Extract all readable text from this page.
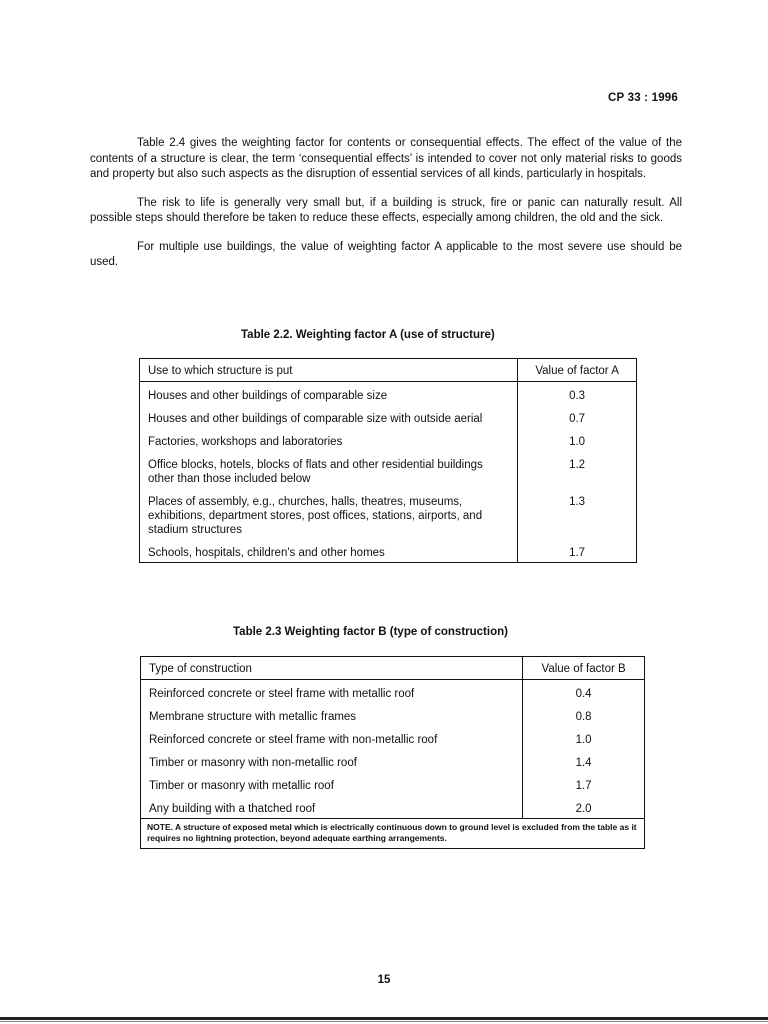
CP 33 : 1996

Table 2.4 gives the weighting factor for contents or consequential effects. The effect of the value of the contents of a structure is clear, the term ‘consequential effects’ is intended to cover not only material risks to goods and property but also such aspects as the disruption of essential services of all kinds, particularly in hospitals.

The risk to life is generally very small but, if a building is struck, fire or panic can naturally result. All possible steps should therefore be taken to reduce these effects, especially among children, the old and the sick.

For multiple use buildings, the value of weighting factor A applicable to the most severe use should be used.

Table 2.2. Weighting factor A (use of structure)
Use to which structure is put	Value of factor A
Houses and other buildings of comparable size	0.3
Houses and other buildings of comparable size with outside aerial	0.7
Factories, workshops and laboratories	1.0
Office blocks, hotels, blocks of flats and other residential buildings other than those included below	1.2
Places of assembly, e.g., churches, halls, theatres, museums, exhibitions, department stores, post offices, stations, airports, and stadium structures	1.3
Schools, hospitals, children's and other homes	1.7
Table 2.3 Weighting factor B (type of construction)
Type of construction	Value of factor B
Reinforced concrete or steel frame with metallic roof	0.4
Membrane structure with metallic frames	0.8
Reinforced concrete or steel frame with non-metallic roof	1.0
Timber or masonry with non-metallic roof	1.4
Timber or masonry with metallic roof	1.7
Any building with a thatched roof	2.0
NOTE. A structure of exposed metal which is electrically continuous down to ground level is excluded from the table as it requires no lightning protection, beyond adequate earthing arrangements.	
15
